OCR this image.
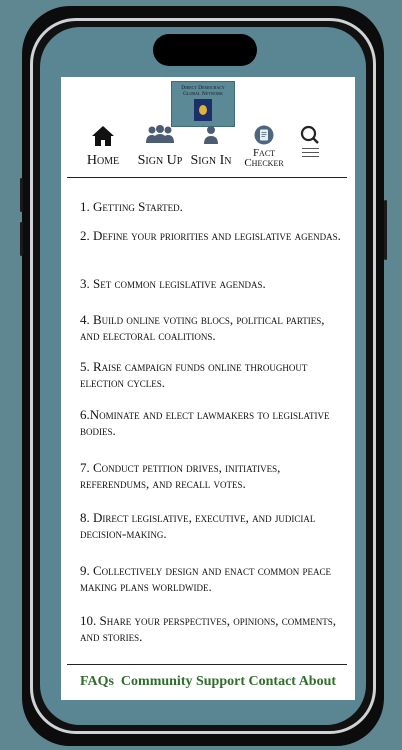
Direct Democracy
Global Network
Home Sign Up Sign In	Fact
Checker
1. Getting Started.
2. Define your priorities and legislative agendas.
3. Set common legislative agendas.
4. Build online voting blocs, political parties, and electoral coalitions.
5. Raise campaign funds online throughout election cycles.
6.Nominate and elect lawmakers to legislative bodies.
7. Conduct petition drives, initiatives, referendums, and recall votes.
8. Direct legislative, executive, and judicial decision-making.
9. Collectively design and enact common peace making plans worldwide.
10. Share your perspectives, opinions, comments, and stories.
FAQs Community Support Contact About
